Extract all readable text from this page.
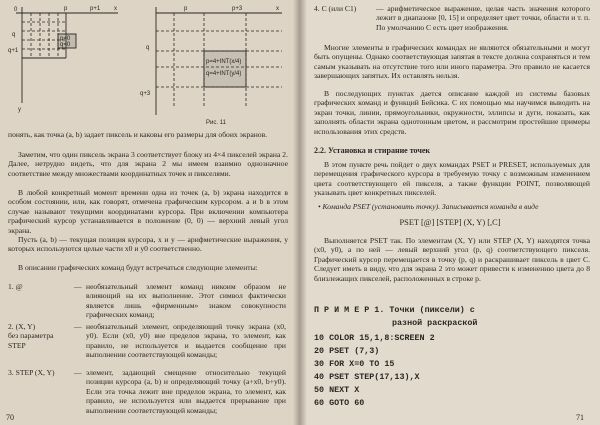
p=0
q=0
0	p	p+1 x
q
q+1
y
p=4+INT(x/4)
q=4+INT(y/4)
p	p+3	x
q
q+3
Рис. 11
понять, как точка (a, b) задает пиксель и каковы его размеры для обоих экранов.
Заметим, что один пиксель экрана 3 соответствует блоку из 4×4 пикселей экрана 2. Далее, нетрудно видеть, что для экрана 2 мы имеем взаимно однозначное соответствие между множествами координатных точек и пикселями.
В любой конкретный момент времени одна из точек (a, b) экрана находится в особом состоянии, или, как говорят, отмечена графическим курсором. a и b в этом случае называют текущими координатами курсора. При включении компьютера графический курсор устанавливается в положение (0, 0) — верхний левый угол экрана.
Пусть (a, b) — текущая позиция курсора, x и y — арифметические выражения, у которых используются целые части x0 и y0 соответственно.
В описании графических команд будут встречаться следующие элементы:
1. @	— необязательный элемент команд никоим образом не влияющий на их выполнение. Этот символ фактически является лишь «фирменным» знаком совокупности графических команд;
2. (X, Y)
без параметра
STEP
— необязательный элемент, определяющий точку экрана (x0, y0). Если (x0, y0) вне пределов экрана, то элемент, как правило, не используется и выдается сообщение при выполнении соответствующей команды;
3. STEP (X, Y)	— элемент, задающий смещение относительно текущей позиции курсора (a, b) и определяющий точку (a+x0, b+y0). Если эта точка лежит вне пределов экрана, то элемент, как правило, не используется или выдается прерывание при выполнении соответствующей команды;
70
4. C (или C1)	— арифметическое выражение, целая часть значения которого лежит в диапазоне [0, 15] и определяет цвет точки, области и т. п. По умолчанию C есть цвет изображения.
Многие элементы в графических командах не являются обязательными и могут быть опущены. Однако соответствующая запятая в тексте должна сохраняться и тем самым указывать на отсутствие того или иного параметра. Это правило не касается завершающих запятых. Их оставлять нельзя.
В последующих пунктах дается описание каждой из системы базовых графических команд и функций Бейсика. С их помощью мы научимся выводить на экран точки, линии, прямоугольники, окружности, эллипсы и дуги, показать, как заполнять области экрана однотонным цветом, и рассмотрим простейшие примеры использования этих средств.
2.2. Установка и стирание точек
В этом пункте речь пойдет о двух командах PSET и PRESET, используемых для перемещения графического курсора в требуемую точку с возможным изменением цвета соответствующего ей пикселя, а также функции POINT, позволяющей указывать цвет конкретных пикселей.
• Команда PSET (установить точку). Записывается команда в виде
PSET [@] [STEP] (X, Y) [,C]
Выполняется PSET так. По элементам (X, Y) или STEP (X, Y) находятся точка (x0, y0), а по ней — левый верхний угол (p, q) соответствующего пикселя. Графический курсор перемещается в точку (p, q) и раскрашивает пиксель в цвет C. Следует иметь в виду, что для экрана 2 это может привести к изменению цвета до 8 близлежащих пикселей, расположенных в строке p.
П Р И М Е Р 1. Точки (пиксели) с
разной раскраской
10 COLOR 15,1,8:SCREEN 2
20 PSET (7,3)
30 FOR X=0 TO 15
40 PSET STEP(17,13),X
50 NEXT X
60 GOTO 60
71
